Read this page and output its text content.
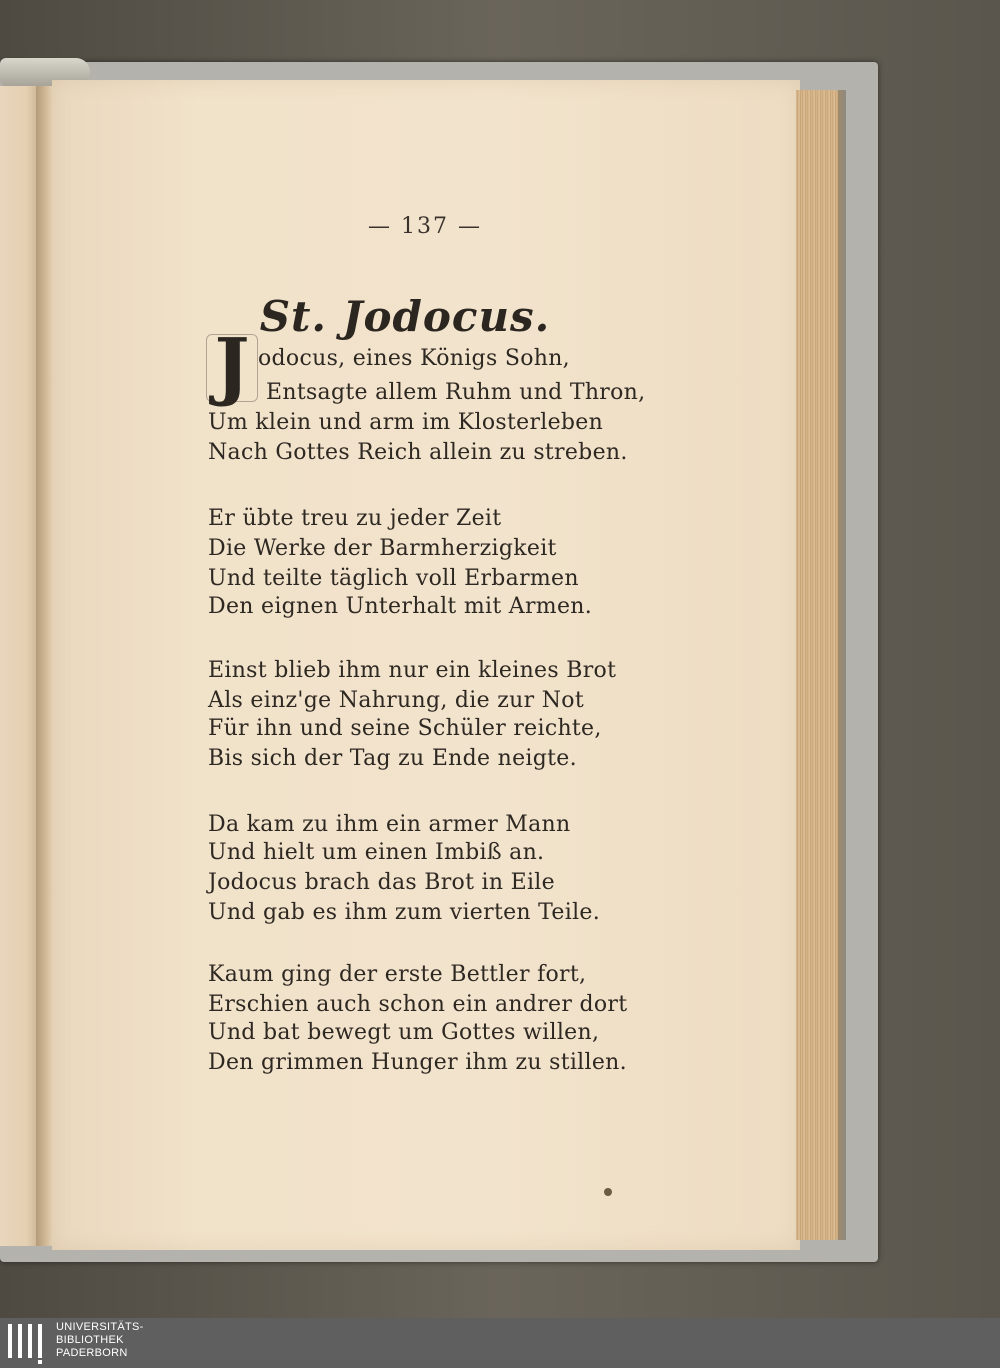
— 137 —
St. Jodocus.
J odocus, eines Königs Sohn,
Entsagte allem Ruhm und Thron,
Um klein und arm im Klosterleben
Nach Gottes Reich allein zu streben.
Er übte treu zu jeder Zeit
Die Werke der Barmherzigkeit
Und teilte täglich voll Erbarmen
Den eignen Unterhalt mit Armen.
Einst blieb ihm nur ein kleines Brot
Als einz'ge Nahrung, die zur Not
Für ihn und seine Schüler reichte,
Bis sich der Tag zu Ende neigte.
Da kam zu ihm ein armer Mann
Und hielt um einen Imbiß an.
Jodocus brach das Brot in Eile
Und gab es ihm zum vierten Teile.
Kaum ging der erste Bettler fort,
Erschien auch schon ein andrer dort
Und bat bewegt um Gottes willen,
Den grimmen Hunger ihm zu stillen.
UNIVERSITÄTS-
BIBLIOTHEK
PADERBORN
